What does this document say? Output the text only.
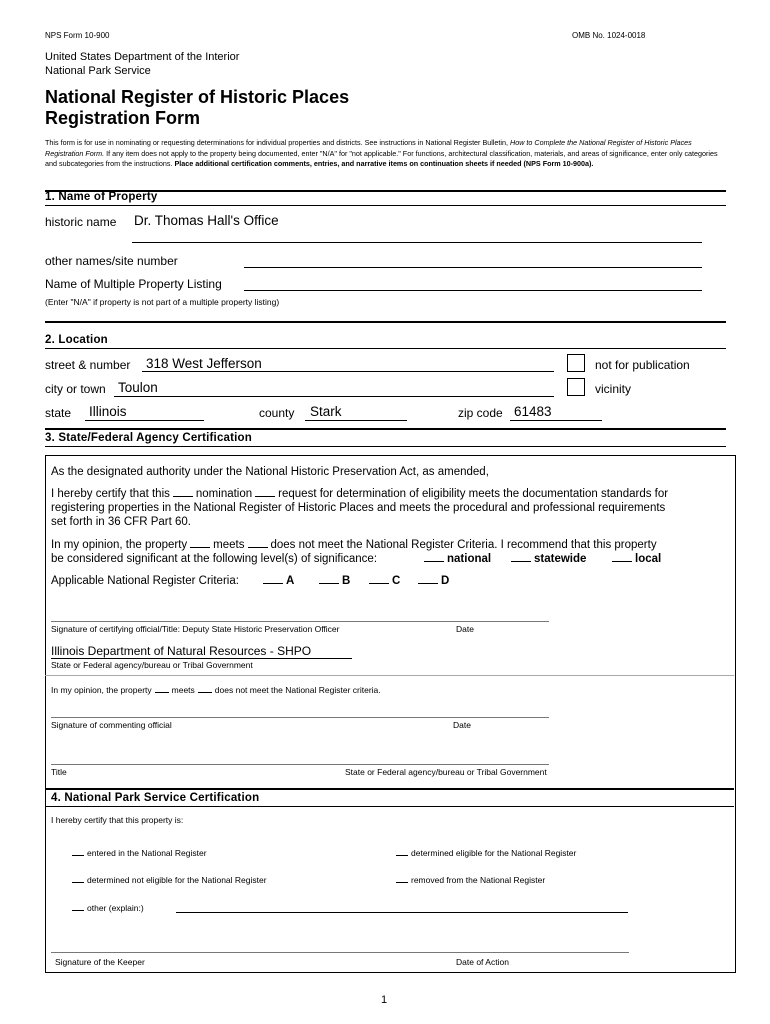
NPS Form 10-900	OMB No. 1024-0018
United States Department of the Interior
National Park Service
National Register of Historic Places
Registration Form
This form is for use in nominating or requesting determinations for individual properties and districts. See instructions in National Register Bulletin, How to Complete the National Register of Historic Places Registration Form. If any item does not apply to the property being documented, enter "N/A" for "not applicable." For functions, architectural classification, materials, and areas of significance, enter only categories and subcategories from the instructions. Place additional certification comments, entries, and narrative items on continuation sheets if needed (NPS Form 10-900a).
1. Name of Property
historic name Dr. Thomas Hall's Office
other names/site number
Name of Multiple Property Listing
(Enter "N/A" if property is not part of a multiple property listing)
2. Location
street & number 318 West Jefferson	not for publication
city or town Toulon	vicinity
state Illinois	county Stark	zip code 61483
3. State/Federal Agency Certification
As the designated authority under the National Historic Preservation Act, as amended,
I hereby certify that this nomination request for determination of eligibility meets the documentation standards for
registering properties in the National Register of Historic Places and meets the procedural and professional requirements
set forth in 36 CFR Part 60.
In my opinion, the property meets does not meet the National Register Criteria. I recommend that this property
be considered significant at the following level(s) of significance:	national	statewide	local
Applicable National Register Criteria:	A	B	C	D
Signature of certifying official/Title: Deputy State Historic Preservation Officer	Date
Illinois Department of Natural Resources - SHPO
State or Federal agency/bureau or Tribal Government
In my opinion, the property meets does not meet the National Register criteria.
Signature of commenting official	Date
Title	State or Federal agency/bureau or Tribal Government
4. National Park Service Certification
I hereby certify that this property is:
entered in the National Register	determined eligible for the National Register
determined not eligible for the National Register	removed from the National Register
other (explain:)
Signature of the Keeper	Date of Action
1
